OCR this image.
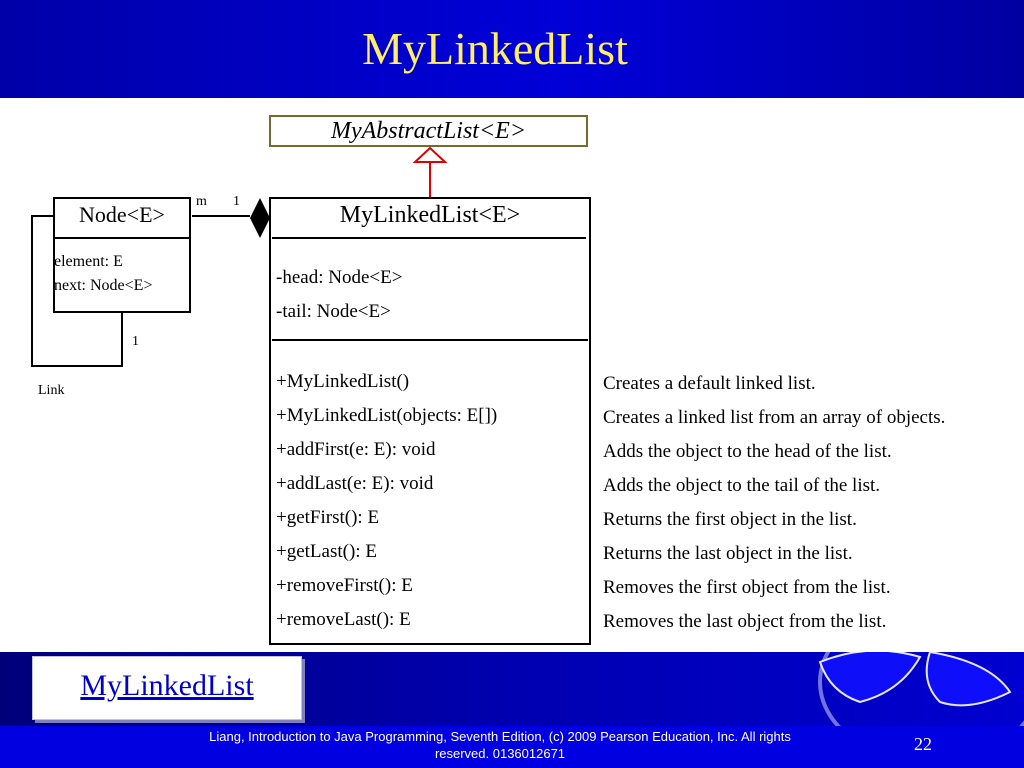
MyLinkedList
MyAbstractList<E>
MyLinkedList<E>
-head: Node<E>
-tail: Node<E>
+MyLinkedList()
+MyLinkedList(objects: E[])
+addFirst(e: E): void
+addLast(e: E): void
+getFirst(): E
+getLast(): E
+removeFirst(): E
+removeLast(): E
Creates a default linked list.
Creates a linked list from an array of objects.
Adds the object to the head of the list.
Adds the object to the tail of the list.
Returns the first object in the list.
Returns the last object in the list.
Removes the first object from the list.
Removes the last object from the list.
Node<E>
element: E
next: Node<E>
m 1
1
Link
MyLinkedList
Liang, Introduction to Java Programming, Seventh Edition, (c) 2009 Pearson Education, Inc. All rights reserved. 0136012671	22
